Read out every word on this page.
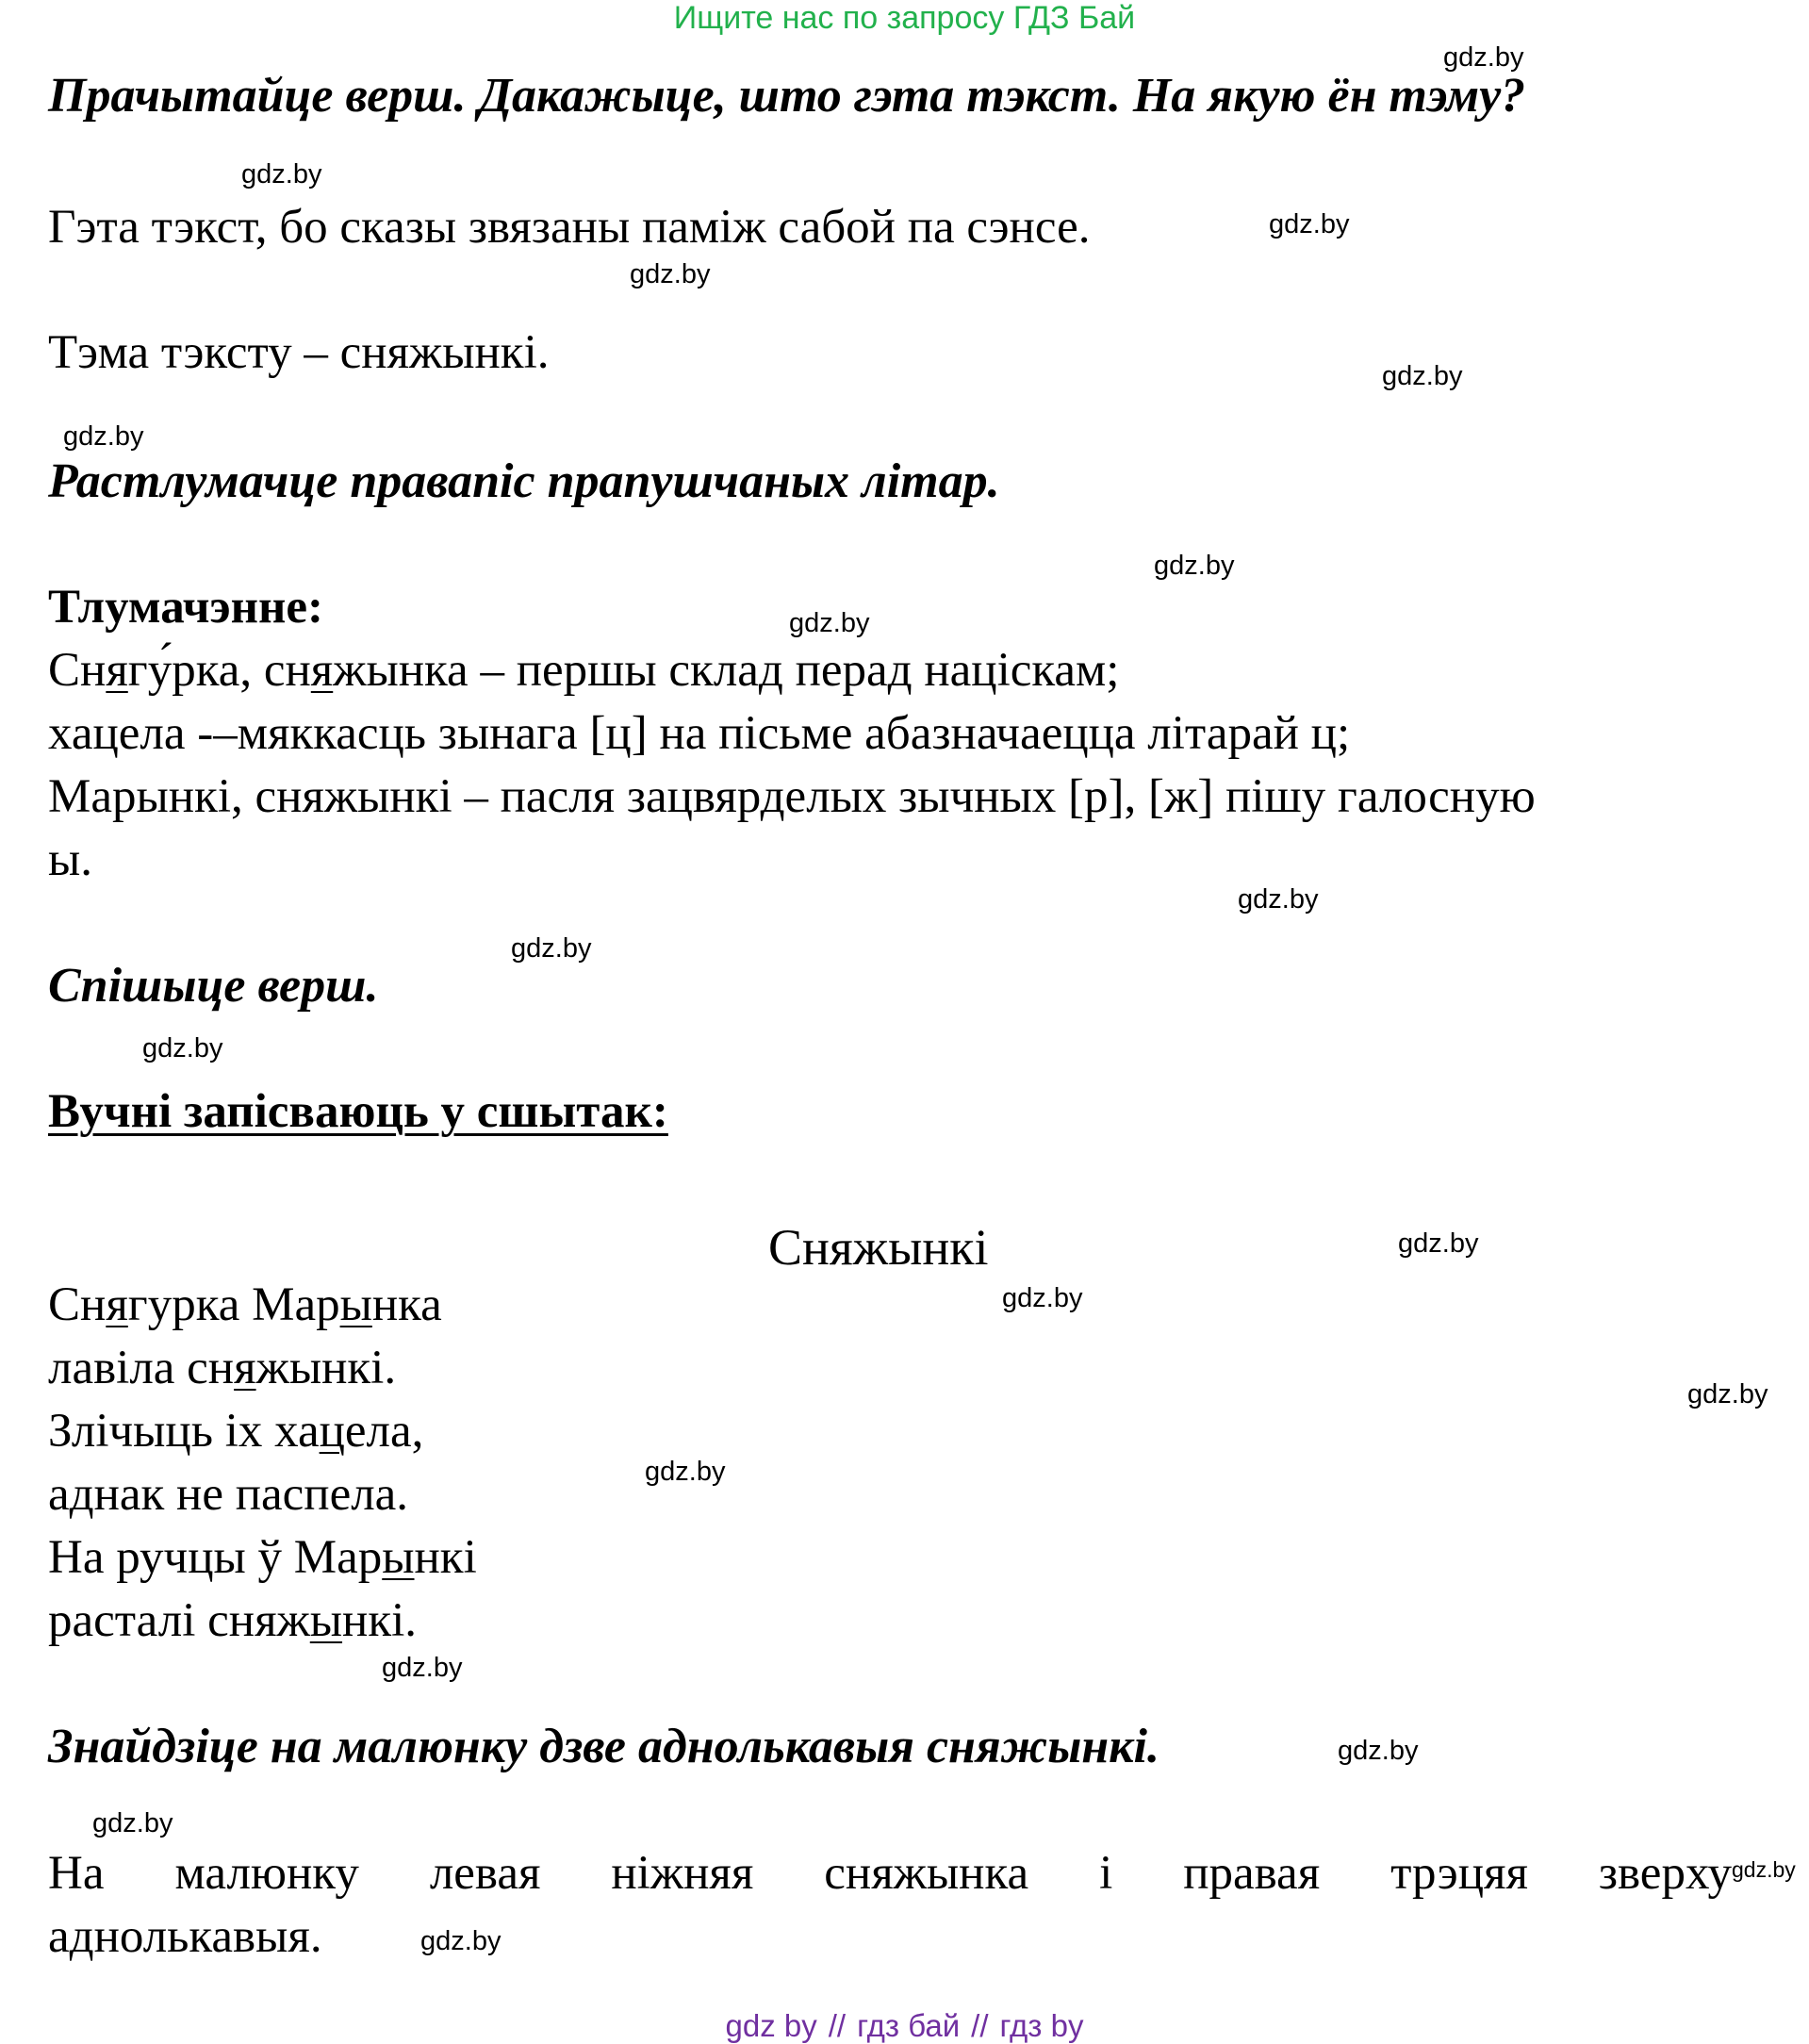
Ищите нас по запросу ГДЗ Бай
gdz.by
gdz.by
gdz.by
gdz.by
gdz.by
gdz.by
gdz.by
gdz.by
gdz.by
gdz.by
gdz.by
gdz.by
gdz.by
gdz.by
gdz.by
gdz.by
gdz.by
gdz.by
gdz.by
gdz.by
Прачытайце верш. Дакажыце, што гэта тэкст. На якую ён тэму?
Гэта тэкст, бо сказы звязаны паміж сабой па сэнсе.
Тэма тэксту – сняжынкі.
Растлумачце правапіс прапушчаных літар.
Тлумачэнне:
Снягу́рка, сняжынка – першы склад перад націскам;
хацела -–мяккасць зынага [ц] на пісьме абазначаецца літарай ц;
Марынкі, сняжынкі – пасля зацвярделых зычных [р], [ж] пішу галосную
ы.
Спішыце верш.
Вучні запісваюць у сшытак:
Сняжынкі
Снягурка Марынка
лавіла сняжынкі.
Злічыць іх хацела,
аднак не паспела.
На ручцы ў Марынкі
расталі сняжынкі.
Знайдзіце на малюнку дзве аднолькавыя сняжынкі.
На малюнку левая ніжняя сняжынка і правая трэцяя зверху
аднолькавыя.
gdz by // гдз бай // гдз by
